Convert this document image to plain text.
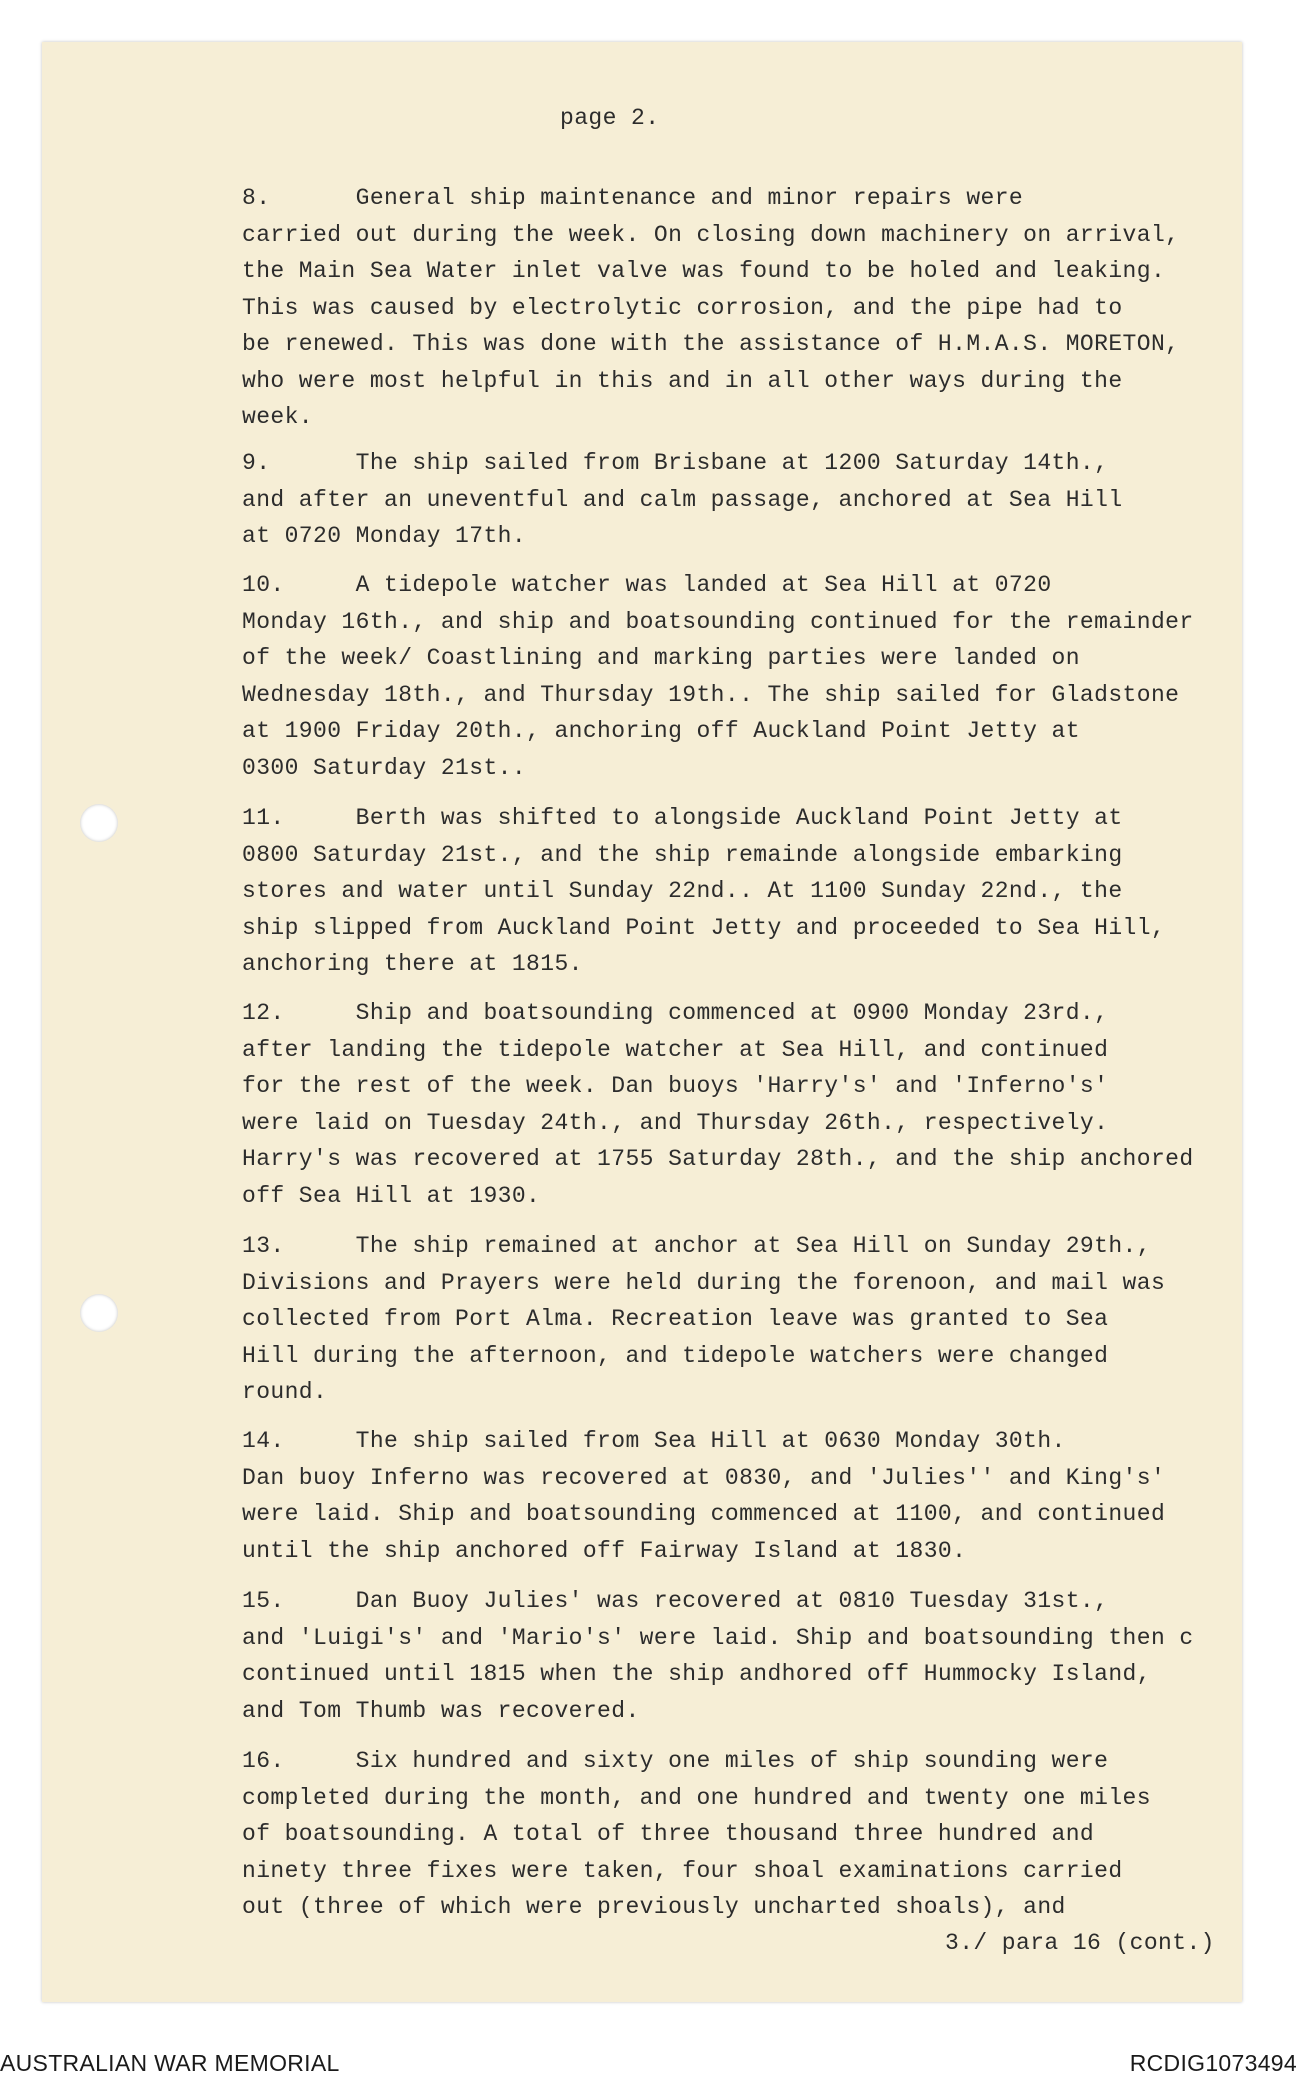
page 2.
8.      General ship maintenance and minor repairs were
carried out during the week. On closing down machinery on arrival,
the Main Sea Water inlet valve was found to be holed and leaking.
This was caused by electrolytic corrosion, and the pipe had to
be renewed. This was done with the assistance of H.M.A.S. MORETON,
who were most helpful in this and in all other ways during the
week.
9.      The ship sailed from Brisbane at 1200 Saturday 14th.,
and after an uneventful and calm passage, anchored at Sea Hill
at 0720 Monday 17th.
10.     A tidepole watcher was landed at Sea Hill at 0720
Monday 16th., and ship and boatsounding continued for the remainder
of the week/ Coastlining and marking parties were landed on
Wednesday 18th., and Thursday 19th.. The ship sailed for Gladstone
at 1900 Friday 20th., anchoring off Auckland Point Jetty at
0300 Saturday 21st..
11.     Berth was shifted to alongside Auckland Point Jetty at
0800 Saturday 21st., and the ship remainde alongside embarking
stores and water until Sunday 22nd.. At 1100 Sunday 22nd., the
ship slipped from Auckland Point Jetty and proceeded to Sea Hill,
anchoring there at 1815.
12.     Ship and boatsounding commenced at 0900 Monday 23rd.,
after landing the tidepole watcher at Sea Hill, and continued
for the rest of the week. Dan buoys 'Harry's' and 'Inferno's'
were laid on Tuesday 24th., and Thursday 26th., respectively.
Harry's was recovered at 1755 Saturday 28th., and the ship anchored
off Sea Hill at 1930.
13.     The ship remained at anchor at Sea Hill on Sunday 29th.,
Divisions and Prayers were held during the forenoon, and mail was
collected from Port Alma. Recreation leave was granted to Sea
Hill during the afternoon, and tidepole watchers were changed
round.
14.     The ship sailed from Sea Hill at 0630 Monday 30th.
Dan buoy Inferno was recovered at 0830, and 'Julies'' and King's'
were laid. Ship and boatsounding commenced at 1100, and continued
until the ship anchored off Fairway Island at 1830.
15.     Dan Buoy Julies' was recovered at 0810 Tuesday 31st.,
and 'Luigi's' and 'Mario's' were laid. Ship and boatsounding then c
continued until 1815 when the ship andhored off Hummocky Island,
and Tom Thumb was recovered.
16.     Six hundred and sixty one miles of ship sounding were
completed during the month, and one hundred and twenty one miles
of boatsounding. A total of three thousand three hundred and
ninety three fixes were taken, four shoal examinations carried
out (three of which were previously uncharted shoals), and
3./ para 16 (cont.)
AUSTRALIAN WAR MEMORIAL	RCDIG1073494
